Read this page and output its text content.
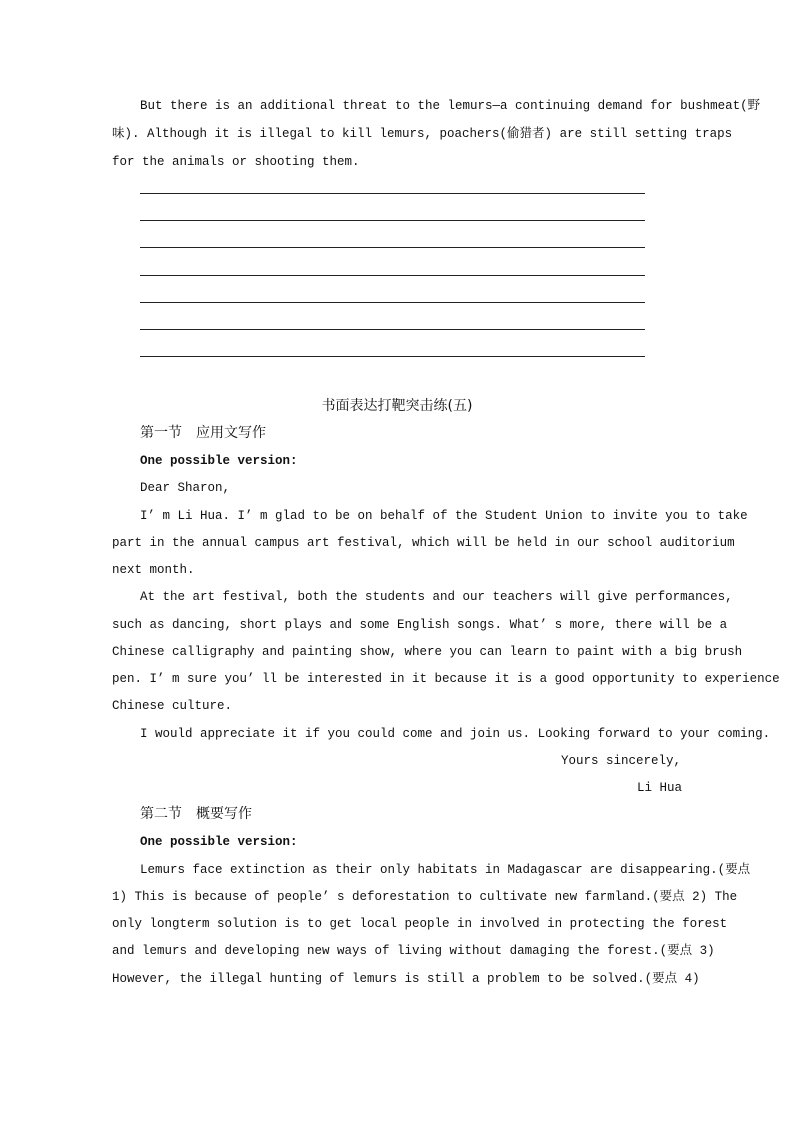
But there is an additional threat to the lemurs—a continuing demand for bushmeat(野
味). Although it is illegal to kill lemurs, poachers(偷猎者) are still setting traps
for the animals or shooting them.
书面表达打靶突击练(五)
第一节　应用文写作
One possible version:
Dear Sharon,
I’ m Li Hua. I’ m glad to be on behalf of the Student Union to invite you to take
part in the annual campus art festival, which will be held in our school auditorium
next month.
At the art festival, both the students and our teachers will give performances,
such as dancing, short plays and some English songs. What’ s more, there will be a
Chinese calligraphy and painting show, where you can learn to paint with a big brush
pen. I’ m sure you’ ll be interested in it because it is a good opportunity to experience
Chinese culture.
I would appreciate it if you could come and join us. Looking forward to your coming.
Yours sincerely,
Li Hua
第二节　概要写作
One possible version:
Lemurs face extinction as their only habitats in Madagascar are disappearing.(要点
1) This is because of people’ s deforestation to cultivate new farmland.(要点 2) The
only longterm solution is to get local people in involved in protecting the forest
and lemurs and developing new ways of living without damaging the forest.(要点 3)
However, the illegal hunting of lemurs is still a problem to be solved.(要点 4)
